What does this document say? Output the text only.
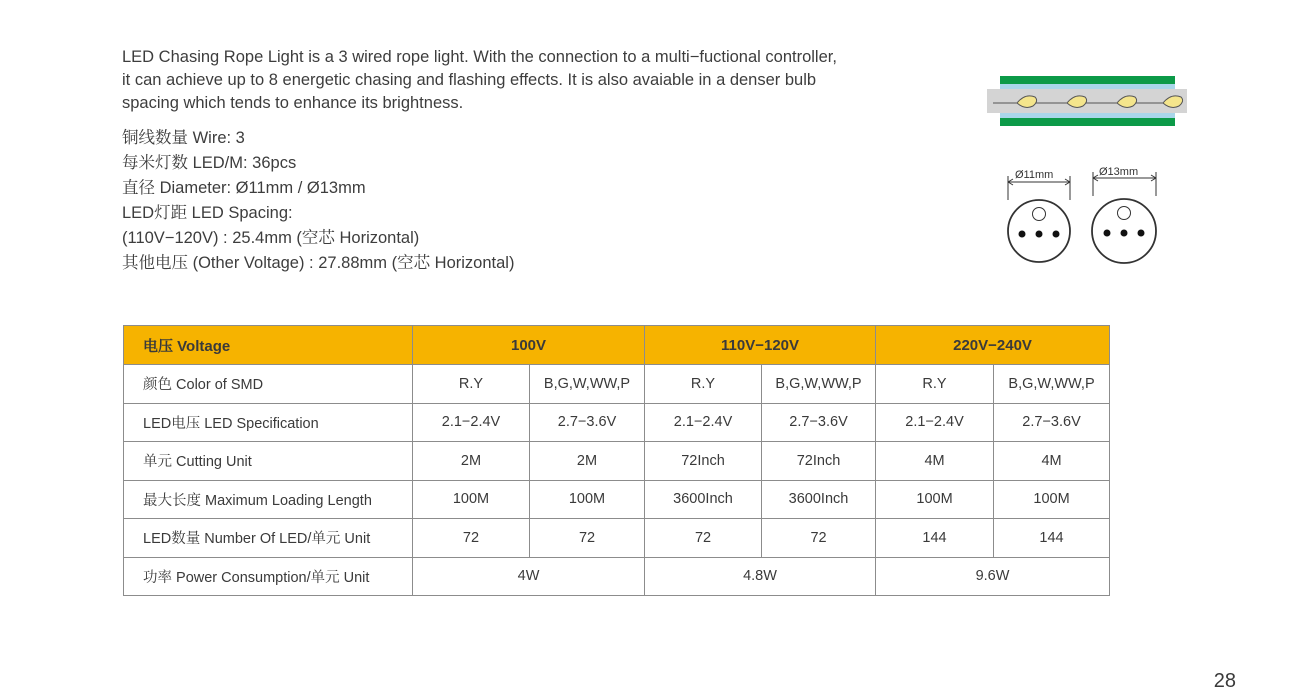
LED Chasing Rope Light is a 3 wired rope light. With the connection to a multi−fuctional controller,

it can achieve up to 8 energetic chasing and flashing effects. It is also avaiable in a denser bulb

spacing which tends to enhance its brightness.

铜线数量 Wire: 3
每米灯数 LED/M: 36pcs
直径 Diameter: Ø11mm / Ø13mm
LED灯距 LED Spacing:
(110V−120V) : 25.4mm (空芯 Horizontal)
其他电压 (Other Voltage) : 27.88mm (空芯 Horizontal)
Ø11mm	Ø13mm
电压 Voltage	100V		110V−120V		220V−240V	
颜色 Color of SMD	R.Y	B,G,W,WW,P	R.Y	B,G,W,WW,P	R.Y	B,G,W,WW,P
LED电压 LED Specification	2.1−2.4V	2.7−3.6V	2.1−2.4V	2.7−3.6V	2.1−2.4V	2.7−3.6V
单元 Cutting Unit	2M	2M	72Inch	72Inch	4M	4M
最大长度 Maximum Loading Length	100M	100M	3600Inch	3600Inch	100M	100M
LED数量 Number Of LED/单元 Unit	72	72	72	72	144	144
功率 Power Consumption/单元 Unit	4W		4.8W		9.6W	
28
